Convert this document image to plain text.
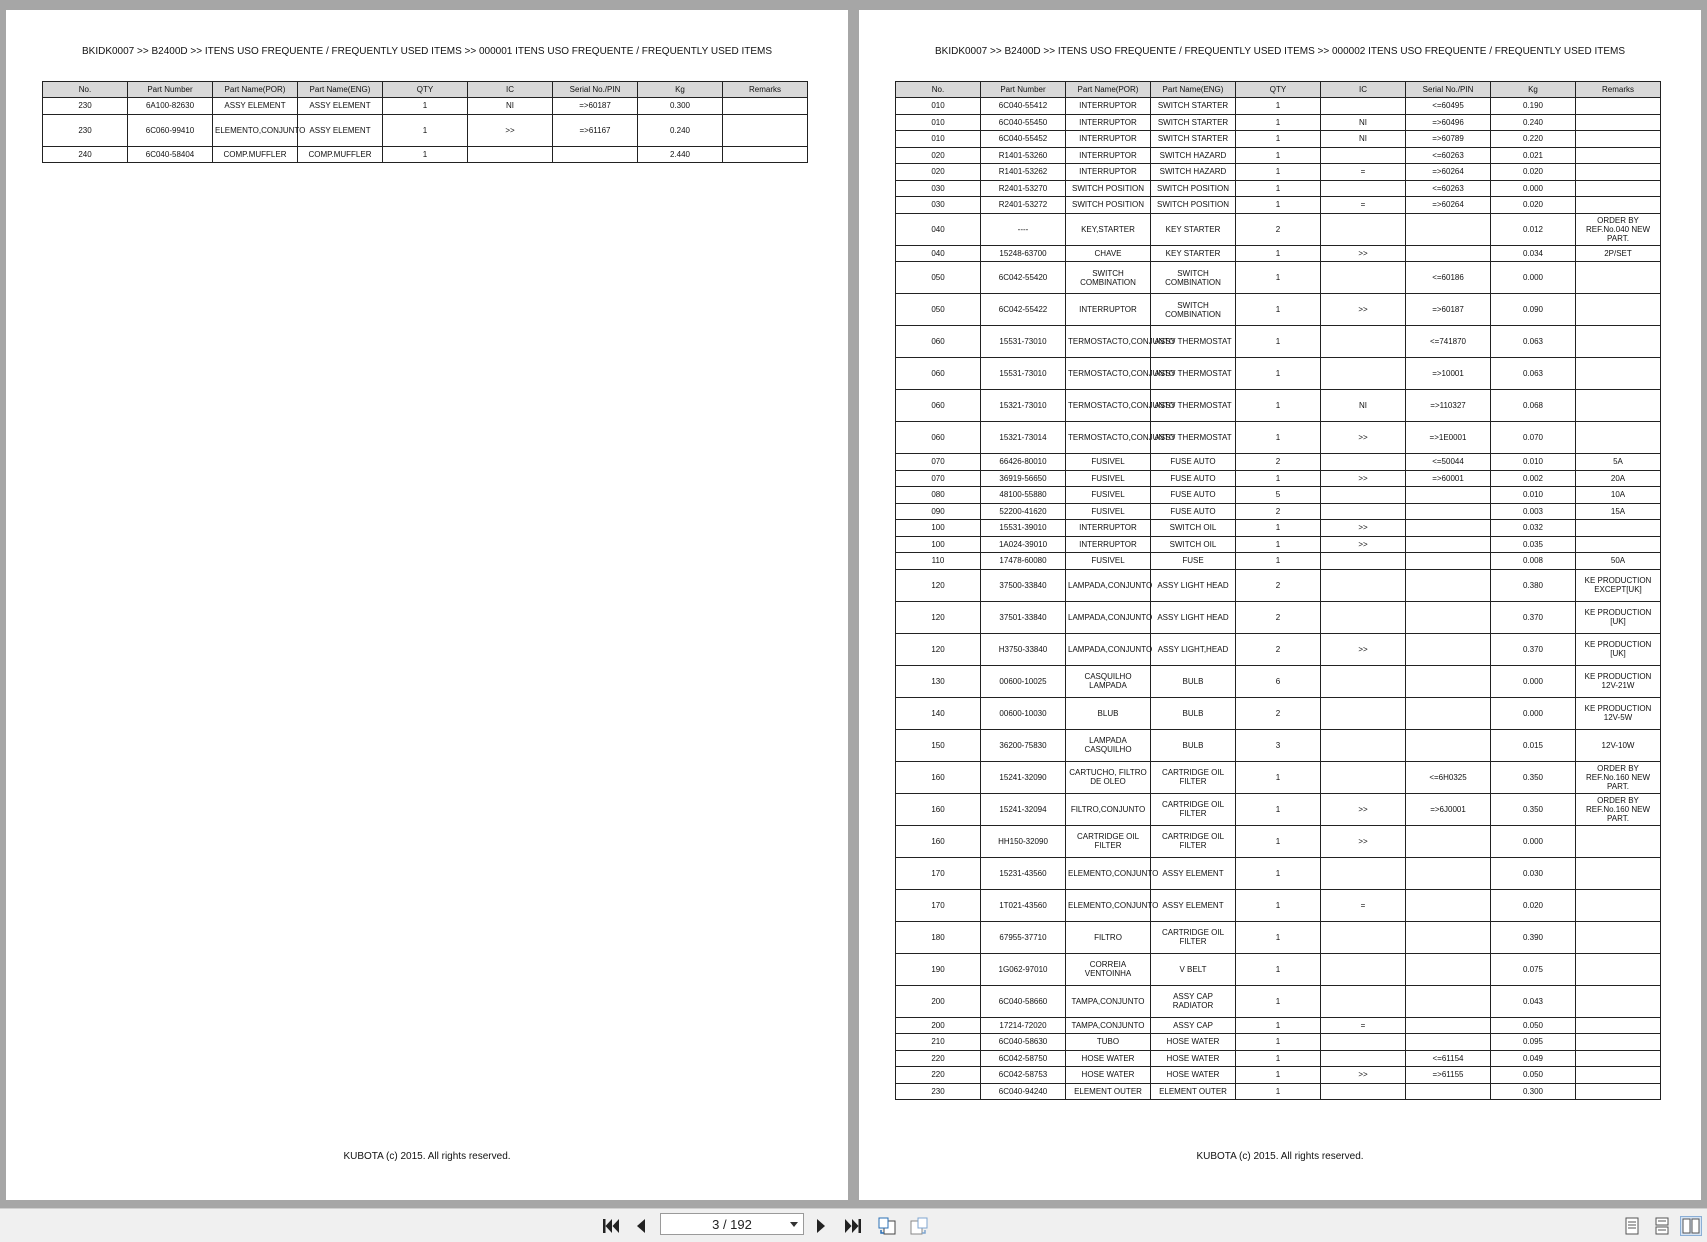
BKIDK0007 >> B2400D >> ITENS USO FREQUENTE / FREQUENTLY USED ITEMS >> 000001 ITENS USO FREQUENTE / FREQUENTLY USED ITEMS
No.	Part Number	Part Name(POR)	Part Name(ENG)	QTY	IC	Serial No./PIN	Kg	Remarks
230	6A100-82630	ASSY ELEMENT	ASSY ELEMENT	1	NI	=>60187	0.300	
230	6C060-99410	ELEMENTO,CONJUNTO	ASSY ELEMENT	1	>>	=>61167	0.240	
240	6C040-58404	COMP.MUFFLER	COMP.MUFFLER	1			2.440	
KUBOTA (c) 2015. All rights reserved.
BKIDK0007 >> B2400D >> ITENS USO FREQUENTE / FREQUENTLY USED ITEMS >> 000002 ITENS USO FREQUENTE / FREQUENTLY USED ITEMS
No.	Part Number	Part Name(POR)	Part Name(ENG)	QTY	IC	Serial No./PIN	Kg	Remarks
010	6C040-55412	INTERRUPTOR	SWITCH STARTER	1		<=60495	0.190	
010	6C040-55450	INTERRUPTOR	SWITCH STARTER	1	NI	=>60496	0.240	
010	6C040-55452	INTERRUPTOR	SWITCH STARTER	1	NI	=>60789	0.220	
020	R1401-53260	INTERRUPTOR	SWITCH HAZARD	1		<=60263	0.021	
020	R1401-53262	INTERRUPTOR	SWITCH HAZARD	1	=	=>60264	0.020	
030	R2401-53270	SWITCH POSITION	SWITCH POSITION	1		<=60263	0.000	
030	R2401-53272	SWITCH POSITION	SWITCH POSITION	1	=	=>60264	0.020	
040	----	KEY,STARTER	KEY STARTER	2			0.012	ORDER BY REF.No.040 NEW PART.
040	15248-63700	CHAVE	KEY STARTER	1	>>		0.034	2P/SET
050	6C042-55420	SWITCH COMBINATION	SWITCH COMBINATION	1		<=60186	0.000	
050	6C042-55422	INTERRUPTOR	SWITCH COMBINATION	1	>>	=>60187	0.090	
060	15531-73010	TERMOSTACTO,CONJUNTO	ASSY THERMOSTAT	1		<=741870	0.063	
060	15531-73010	TERMOSTACTO,CONJUNTO	ASSY THERMOSTAT	1		=>10001	0.063	
060	15321-73010	TERMOSTACTO,CONJUNTO	ASSY THERMOSTAT	1	NI	=>110327	0.068	
060	15321-73014	TERMOSTACTO,CONJUNTO	ASSY THERMOSTAT	1	>>	=>1E0001	0.070	
070	66426-80010	FUSIVEL	FUSE AUTO	2		<=50044	0.010	5A
070	36919-56650	FUSIVEL	FUSE AUTO	1	>>	=>60001	0.002	20A
080	48100-55880	FUSIVEL	FUSE AUTO	5			0.010	10A
090	52200-41620	FUSIVEL	FUSE AUTO	2			0.003	15A
100	15531-39010	INTERRUPTOR	SWITCH OIL	1	>>		0.032	
100	1A024-39010	INTERRUPTOR	SWITCH OIL	1	>>		0.035	
110	17478-60080	FUSIVEL	FUSE	1			0.008	50A
120	37500-33840	LAMPADA,CONJUNTO	ASSY LIGHT HEAD	2			0.380	KE PRODUCTION EXCEPT[UK]
120	37501-33840	LAMPADA,CONJUNTO	ASSY LIGHT HEAD	2			0.370	KE PRODUCTION [UK]
120	H3750-33840	LAMPADA,CONJUNTO	ASSY LIGHT,HEAD	2	>>		0.370	KE PRODUCTION [UK]
130	00600-10025	CASQUILHO LAMPADA	BULB	6			0.000	KE PRODUCTION 12V-21W
140	00600-10030	BLUB	BULB	2			0.000	KE PRODUCTION 12V-5W
150	36200-75830	LAMPADA CASQUILHO	BULB	3			0.015	12V-10W
160	15241-32090	CARTUCHO, FILTRO DE OLEO	CARTRIDGE OIL FILTER	1		<=6H0325	0.350	ORDER BY REF.No.160 NEW PART.
160	15241-32094	FILTRO,CONJUNTO	CARTRIDGE OIL FILTER	1	>>	=>6J0001	0.350	ORDER BY REF.No.160 NEW PART.
160	HH150-32090	CARTRIDGE OIL FILTER	CARTRIDGE OIL FILTER	1	>>		0.000	
170	15231-43560	ELEMENTO,CONJUNTO	ASSY ELEMENT	1			0.030	
170	1T021-43560	ELEMENTO,CONJUNTO	ASSY ELEMENT	1	=		0.020	
180	67955-37710	FILTRO	CARTRIDGE OIL FILTER	1			0.390	
190	1G062-97010	CORREIA VENTOINHA	V BELT	1			0.075	
200	6C040-58660	TAMPA,CONJUNTO	ASSY CAP RADIATOR	1			0.043	
200	17214-72020	TAMPA,CONJUNTO	ASSY CAP	1	=		0.050	
210	6C040-58630	TUBO	HOSE WATER	1			0.095	
220	6C042-58750	HOSE WATER	HOSE WATER	1		<=61154	0.049	
220	6C042-58753	HOSE WATER	HOSE WATER	1	>>	=>61155	0.050	
230	6C040-94240	ELEMENT OUTER	ELEMENT OUTER	1			0.300	
KUBOTA (c) 2015. All rights reserved.
3 / 192
